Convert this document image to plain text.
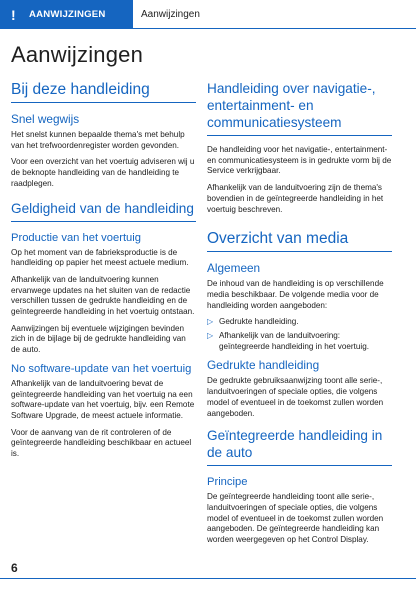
!	AANWIJZINGEN	Aanwijzingen
Aanwijzingen
Bij deze handleiding
Snel wegwijs

Het snelst kunnen bepaalde thema's met behulp van het trefwoordenregister worden gevonden.

Voor een overzicht van het voertuig adviseren wij u de beknopte handleiding van de handleiding te raadplegen.

Geldigheid van de handleiding
Productie van het voertuig

Op het moment van de fabrieksproductie is de handleiding op papier het meest actuele medium.

Afhankelijk van de landuitvoering kunnen ervanwege updates na het sluiten van de redactie verschillen tussen de gedrukte handleiding en de geïntegreerde handleiding in het voertuig ontstaan.

Aanwijzingen bij eventuele wijzigingen bevinden zich in de bijlage bij de gedrukte handleiding van de auto.

No software-update van het voertuig

Afhankelijk van de landuitvoering bevat de geïntegreerde handleiding van het voertuig na een software-update van het voertuig, bijv. een Remote Software Upgrade, de meest actuele informatie.

Voor de aanvang van de rit controleren of de geïntegreerde handleiding beschikbaar en actueel is.

Handleiding over navigatie-, entertainment- en communicatiesysteem

De handleiding voor het navigatie-, entertainment- en communicatiesysteem is in gedrukte vorm bij de Service verkrijgbaar.

Afhankelijk van de landuitvoering zijn de thema's bovendien in de geïntegreerde handleiding in het voertuig beschreven.

Overzicht van media
Algemeen

De inhoud van de handleiding is op verschillende media beschikbaar. De volgende media voor de handleiding worden aangeboden:

▷ Gedrukte handleiding.
▷ Afhankelijk van de landuitvoering: geïntegreerde handleiding in het voertuig.
Gedrukte handleiding

De gedrukte gebruiksaanwijzing toont alle serie-, landuitvoeringen of speciale opties, die volgens model of eventueel in de toekomst zullen worden aangeboden.

Geïntegreerde handleiding in de auto
Principe

De geïntegreerde handleiding toont alle serie-, landuitvoeringen of speciale opties, die volgens model of eventueel in de toekomst zullen worden aangeboden. De geïntegreerde handleiding kan worden weergegeven op het Control Display.

6
